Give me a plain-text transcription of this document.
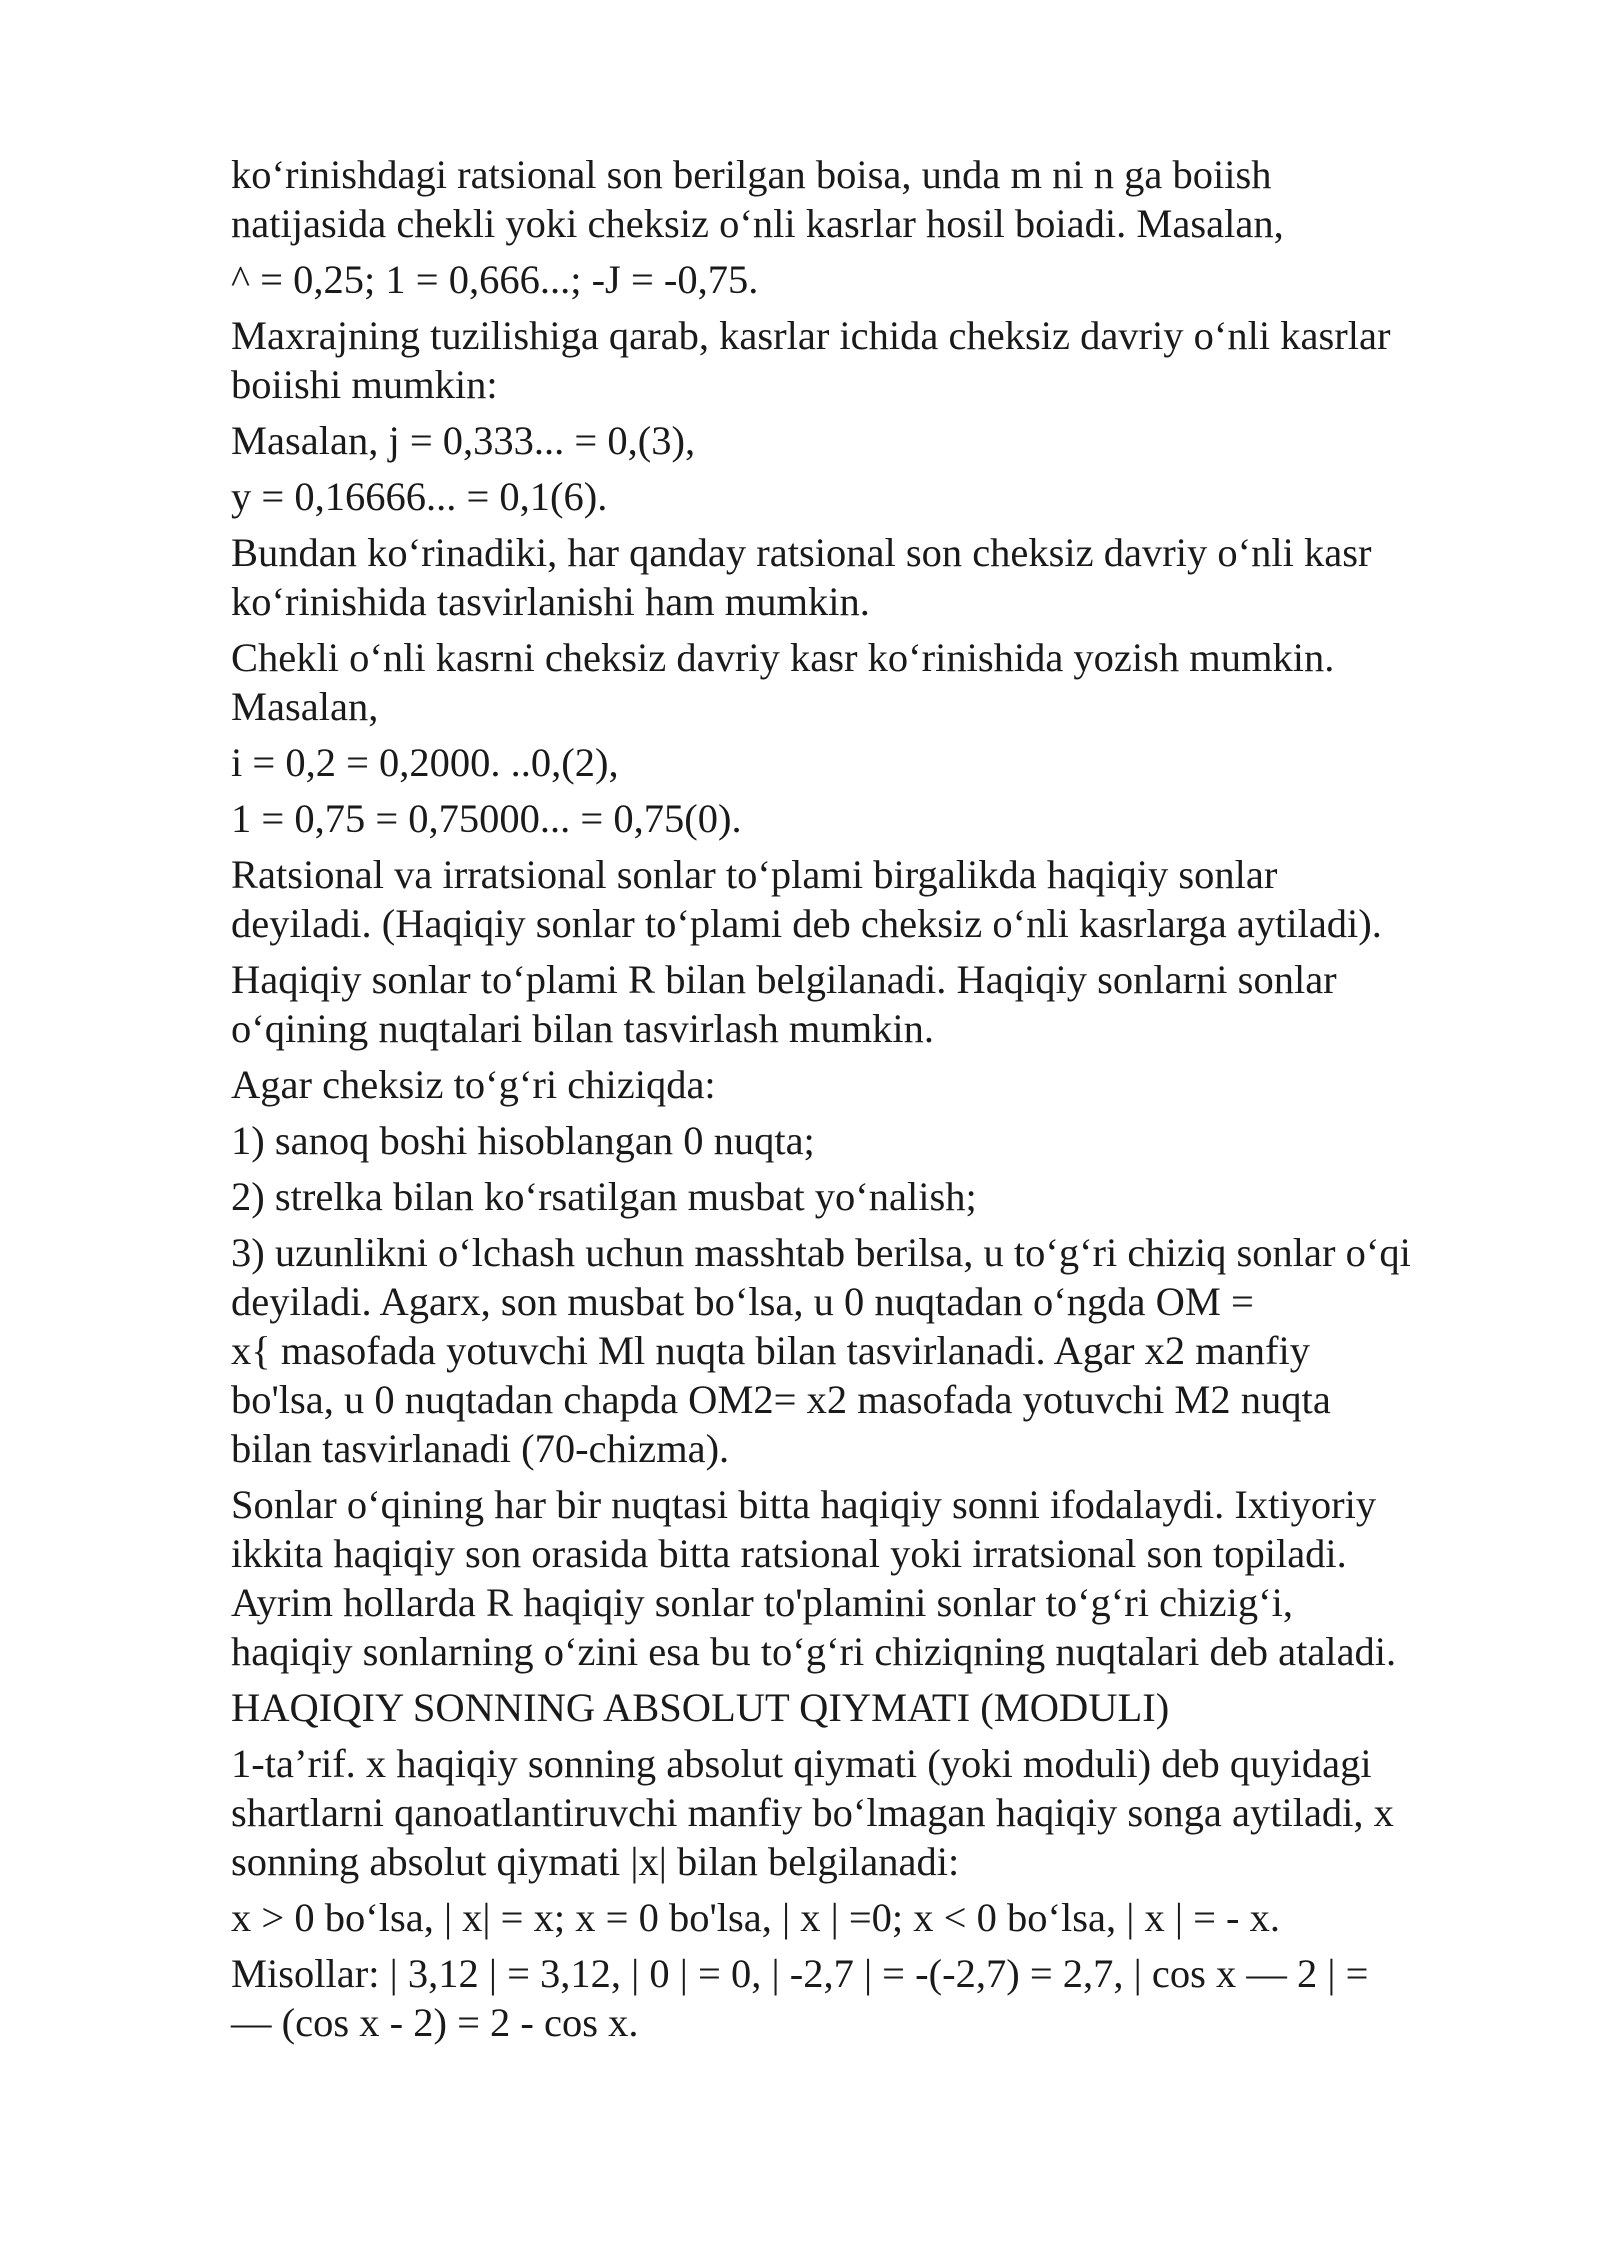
ko‘rinishdagi ratsional son berilgan boisa, unda m ni n ga boiish
natijasida chekli yoki cheksiz o‘nli kasrlar hosil boiadi. Masalan,

^ = 0,25; 1 = 0,666...; -J = -0,75.

Maxrajning tuzilishiga qarab, kasrlar ichida cheksiz davriy o‘nli kasrlar
boiishi mumkin:

Masalan, j = 0,333... = 0,(3),

y = 0,16666... = 0,1(6).

Bundan ko‘rinadiki, har qanday ratsional son cheksiz davriy o‘nli kasr
ko‘rinishida tasvirlanishi ham mumkin.

Chekli o‘nli kasrni cheksiz davriy kasr ko‘rinishida yozish mumkin.
Masalan,

i = 0,2 = 0,2000. ..0,(2),

1 = 0,75 = 0,75000... = 0,75(0).

Ratsional va irratsional sonlar to‘plami birgalikda haqiqiy sonlar
deyiladi. (Haqiqiy sonlar to‘plami deb cheksiz o‘nli kasrlarga aytiladi).

Haqiqiy sonlar to‘plami R bilan belgilanadi. Haqiqiy sonlarni sonlar
o‘qining nuqtalari bilan tasvirlash mumkin.

Agar cheksiz to‘g‘ri chiziqda:

1) sanoq boshi hisoblangan 0 nuqta;

2) strelka bilan ko‘rsatilgan musbat yo‘nalish;

3) uzunlikni o‘lchash uchun masshtab berilsa, u to‘g‘ri chiziq sonlar o‘qi
deyiladi. Agarx, son musbat bo‘lsa, u 0 nuqtadan o‘ngda OM =
x{ masofada yotuvchi Ml nuqta bilan tasvirlanadi. Agar x2 manfiy
bo'lsa, u 0 nuqtadan chapda OM2= x2 masofada yotuvchi M2 nuqta
bilan tasvirlanadi (70-chizma).

Sonlar o‘qining har bir nuqtasi bitta haqiqiy sonni ifodalaydi. Ixtiyoriy
ikkita haqiqiy son orasida bitta ratsional yoki irratsional son topiladi.
Ayrim hollarda R haqiqiy sonlar to'plamini sonlar to‘g‘ri chizig‘i,
haqiqiy sonlarning o‘zini esa bu to‘g‘ri chiziqning nuqtalari deb ataladi.

HAQIQIY SONNING ABSOLUT QIYMATI (MODULI)

1-ta’rif. x haqiqiy sonning absolut qiymati (yoki moduli) deb quyidagi
shartlarni qanoatlantiruvchi manfiy bo‘lmagan haqiqiy songa aytiladi, x
sonning absolut qiymati |x| bilan belgilanadi:

x > 0 bo‘lsa, | x| = x; x = 0 bo'lsa, | x | =0; x < 0 bo‘lsa, | x | = - x.

Misollar: | 3,12 | = 3,12, | 0 | = 0, | -2,7 | = -(-2,7) = 2,7, | cos x — 2 | =
— (cos x - 2) = 2 - cos x.
